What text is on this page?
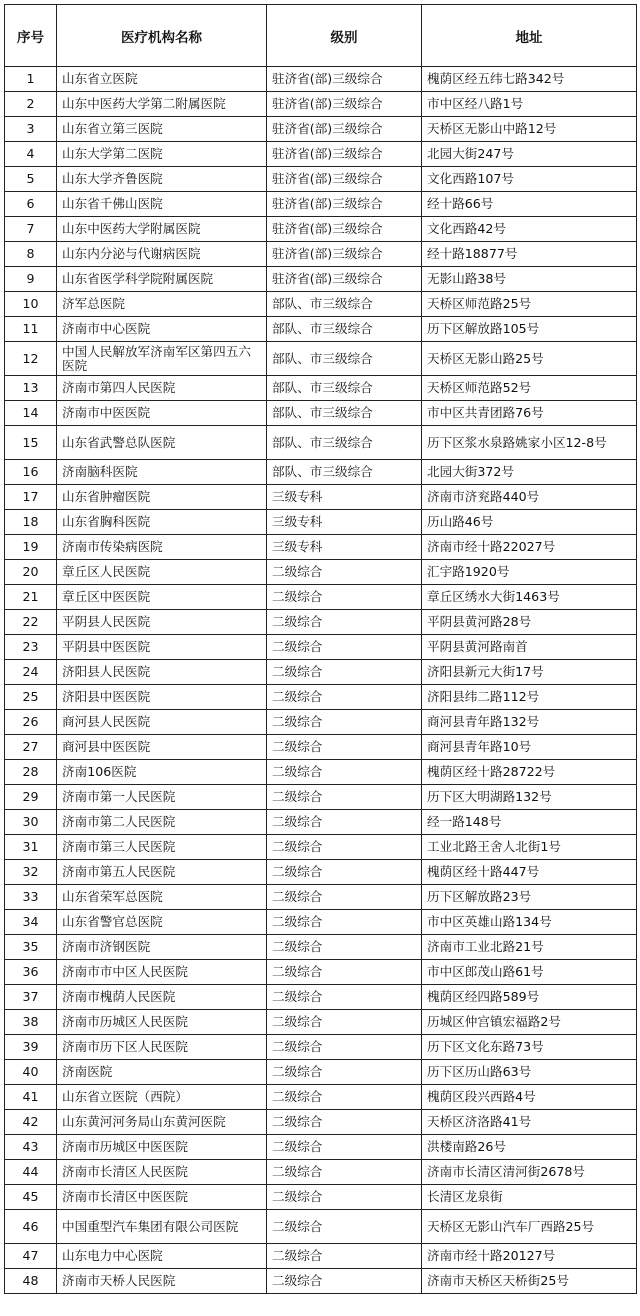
序号	医疗机构名称	级别	地址
1	山东省立医院	驻济省(部)三级综合	槐荫区经五纬七路342号
2	山东中医药大学第二附属医院	驻济省(部)三级综合	市中区经八路1号
3	山东省立第三医院	驻济省(部)三级综合	天桥区无影山中路12号
4	山东大学第二医院	驻济省(部)三级综合	北园大街247号
5	山东大学齐鲁医院	驻济省(部)三级综合	文化西路107号
6	山东省千佛山医院	驻济省(部)三级综合	经十路66号
7	山东中医药大学附属医院	驻济省(部)三级综合	文化西路42号
8	山东内分泌与代谢病医院	驻济省(部)三级综合	经十路18877号
9	山东省医学科学院附属医院	驻济省(部)三级综合	无影山路38号
10	济军总医院	部队、市三级综合	天桥区师范路25号
11	济南市中心医院	部队、市三级综合	历下区解放路105号
12	中国人民解放军济南军区第四五六医院	部队、市三级综合	天桥区无影山路25号
13	济南市第四人民医院	部队、市三级综合	天桥区师范路52号
14	济南市中医医院	部队、市三级综合	市中区共青团路76号
15	山东省武警总队医院	部队、市三级综合	历下区浆水泉路姚家小区12-8号
16	济南脑科医院	部队、市三级综合	北园大街372号
17	山东省肿瘤医院	三级专科	济南市济兖路440号
18	山东省胸科医院	三级专科	历山路46号
19	济南市传染病医院	三级专科	济南市经十路22027号
20	章丘区人民医院	二级综合	汇宇路1920号
21	章丘区中医医院	二级综合	章丘区绣水大街1463号
22	平阴县人民医院	二级综合	平阴县黄河路28号
23	平阴县中医医院	二级综合	平阴县黄河路南首
24	济阳县人民医院	二级综合	济阳县新元大街17号
25	济阳县中医医院	二级综合	济阳县纬二路112号
26	商河县人民医院	二级综合	商河县青年路132号
27	商河县中医医院	二级综合	商河县青年路10号
28	济南106医院	二级综合	槐荫区经十路28722号
29	济南市第一人民医院	二级综合	历下区大明湖路132号
30	济南市第二人民医院	二级综合	经一路148号
31	济南市第三人民医院	二级综合	工业北路王舍人北街1号
32	济南市第五人民医院	二级综合	槐荫区经十路447号
33	山东省荣军总医院	二级综合	历下区解放路23号
34	山东省警官总医院	二级综合	市中区英雄山路134号
35	济南市济钢医院	二级综合	济南市工业北路21号
36	济南市市中区人民医院	二级综合	市中区郎茂山路61号
37	济南市槐荫人民医院	二级综合	槐荫区经四路589号
38	济南市历城区人民医院	二级综合	历城区仲宫镇宏福路2号
39	济南市历下区人民医院	二级综合	历下区文化东路73号
40	济南医院	二级综合	历下区历山路63号
41	山东省立医院（西院）	二级综合	槐荫区段兴西路4号
42	山东黄河河务局山东黄河医院	二级综合	天桥区济洛路41号
43	济南市历城区中医医院	二级综合	洪楼南路26号
44	济南市长清区人民医院	二级综合	济南市长清区清河街2678号
45	济南市长清区中医医院	二级综合	长清区龙泉街
46	中国重型汽车集团有限公司医院	二级综合	天桥区无影山汽车厂西路25号
47	山东电力中心医院	二级综合	济南市经十路20127号
48	济南市天桥人民医院	二级综合	济南市天桥区天桥街25号
